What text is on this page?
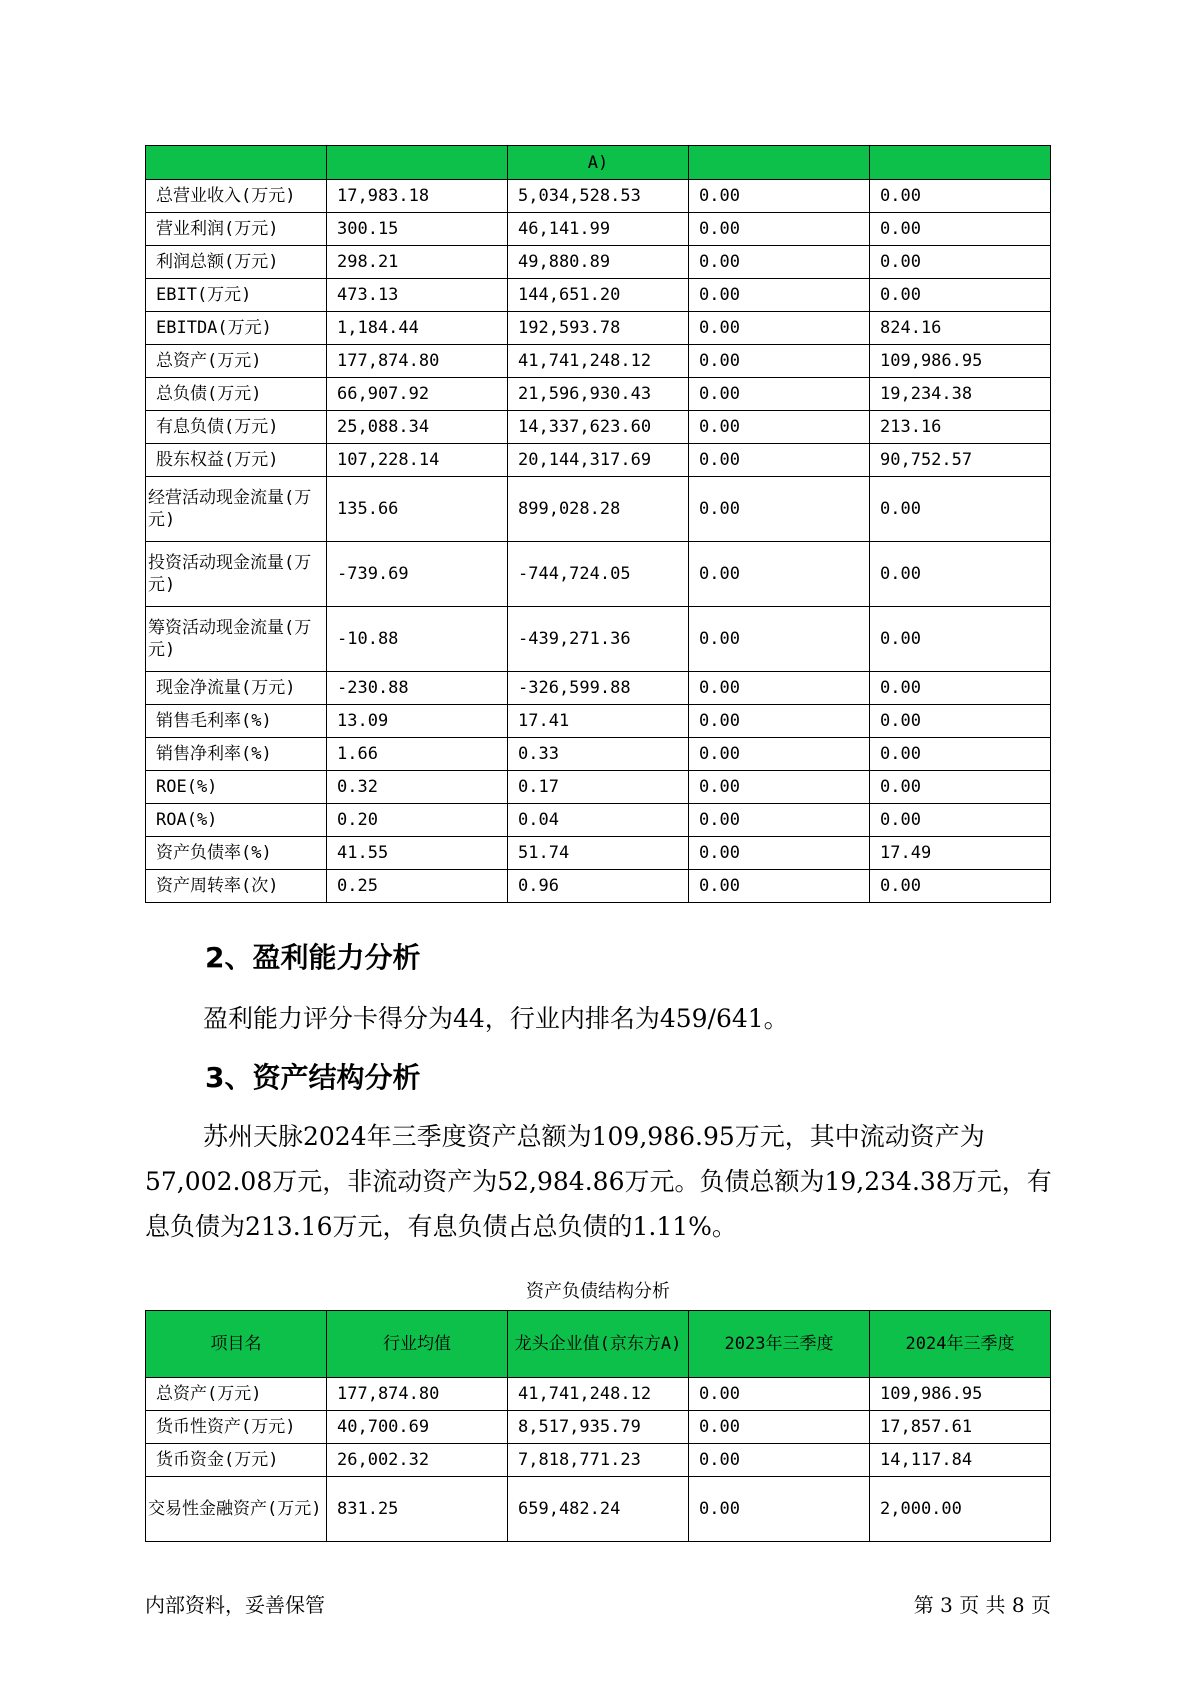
		A)		
总营业收入(万元)	17,983.18	5,034,528.53	0.00	0.00
营业利润(万元)	300.15	46,141.99	0.00	0.00
利润总额(万元)	298.21	49,880.89	0.00	0.00
EBIT(万元)	473.13	144,651.20	0.00	0.00
EBITDA(万元)	1,184.44	192,593.78	0.00	824.16
总资产(万元)	177,874.80	41,741,248.12	0.00	109,986.95
总负债(万元)	66,907.92	21,596,930.43	0.00	19,234.38
有息负债(万元)	25,088.34	14,337,623.60	0.00	213.16
股东权益(万元)	107,228.14	20,144,317.69	0.00	90,752.57
经营活动现金流量(万元)	135.66	899,028.28	0.00	0.00
投资活动现金流量(万元)	-739.69	-744,724.05	0.00	0.00
筹资活动现金流量(万元)	-10.88	-439,271.36	0.00	0.00
现金净流量(万元)	-230.88	-326,599.88	0.00	0.00
销售毛利率(%)	13.09	17.41	0.00	0.00
销售净利率(%)	1.66	0.33	0.00	0.00
ROE(%)	0.32	0.17	0.00	0.00
ROA(%)	0.20	0.04	0.00	0.00
资产负债率(%)	41.55	51.74	0.00	17.49
资产周转率(次)	0.25	0.96	0.00	0.00
2、盈利能力分析

盈利能力评分卡得分为44，行业内排名为459/641。

3、资产结构分析

苏州天脉2024年三季度资产总额为109,986.95万元，其中流动资产为57,002.08万元，非流动资产为52,984.86万元。负债总额为19,234.38万元，有息负债为213.16万元，有息负债占总负债的1.11%。

资产负债结构分析

项目名	行业均值	龙头企业值(京东方A)	2023年三季度	2024年三季度
总资产(万元)	177,874.80	41,741,248.12	0.00	109,986.95
货币性资产(万元)	40,700.69	8,517,935.79	0.00	17,857.61
货币资金(万元)	26,002.32	7,818,771.23	0.00	14,117.84
交易性金融资产(万元)	831.25	659,482.24	0.00	2,000.00

内部资料，妥善保管	第 3 页 共 8 页
